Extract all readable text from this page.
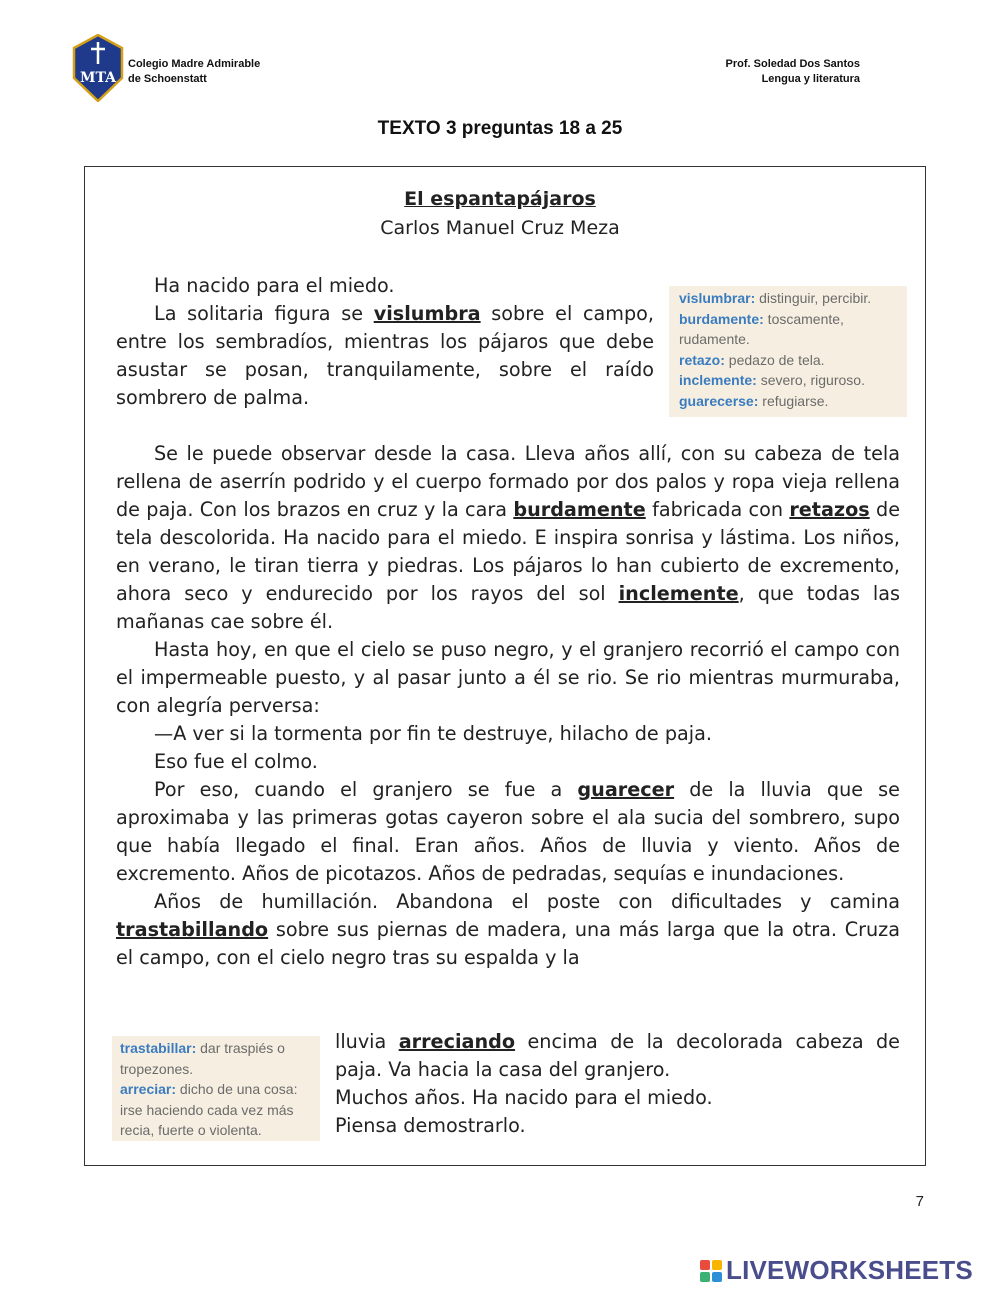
MTA
Colegio Madre Admirable
de Schoenstatt
Prof. Soledad Dos Santos
Lengua y literatura
TEXTO 3 preguntas 18 a 25
El espantapájaros
Carlos Manuel Cruz Meza

Ha nacido para el miedo.

La solitaria figura se vislumbra sobre el campo, entre los sembradíos, mientras los pájaros que debe asustar se posan, tranquilamente, sobre el raído sombrero de palma.

vislumbrar: distinguir, percibir.
burdamente: toscamente, rudamente.
retazo: pedazo de tela.
inclemente: severo, riguroso.
guarecerse: refugiarse.

Se le puede observar desde la casa. Lleva años allí, con su cabeza de tela rellena de aserrín podrido y el cuerpo formado por dos palos y ropa vieja rellena de paja. Con los brazos en cruz y la cara burdamente fabricada con retazos de tela descolorida. Ha nacido para el miedo. E inspira sonrisa y lástima. Los niños, en verano, le tiran tierra y piedras. Los pájaros lo han cubierto de excremento, ahora seco y endurecido por los rayos del sol inclemente, que todas las mañanas cae sobre él.

Hasta hoy, en que el cielo se puso negro, y el granjero recorrió el campo con el impermeable puesto, y al pasar junto a él se rio. Se rio mientras murmuraba, con alegría perversa:

—A ver si la tormenta por fin te destruye, hilacho de paja.

Eso fue el colmo.

Por eso, cuando el granjero se fue a guarecer de la lluvia que se aproximaba y las primeras gotas cayeron sobre el ala sucia del sombrero, supo que había llegado el final. Eran años. Años de lluvia y viento. Años de excremento. Años de picotazos. Años de pedradas, sequías e inundaciones.

Años de humillación. Abandona el poste con dificultades y camina trastabillando sobre sus piernas de madera, una más larga que la otra. Cruza el campo, con el cielo negro tras su espalda y la

trastabillar: dar traspiés o tropezones.
arreciar: dicho de una cosa: irse haciendo cada vez más recia, fuerte o violenta.

lluvia arreciando encima de la decolorada cabeza de paja. Va hacia la casa del granjero.

Muchos años. Ha nacido para el miedo.

Piensa demostrarlo.

7
LIVEWORKSHEETS
